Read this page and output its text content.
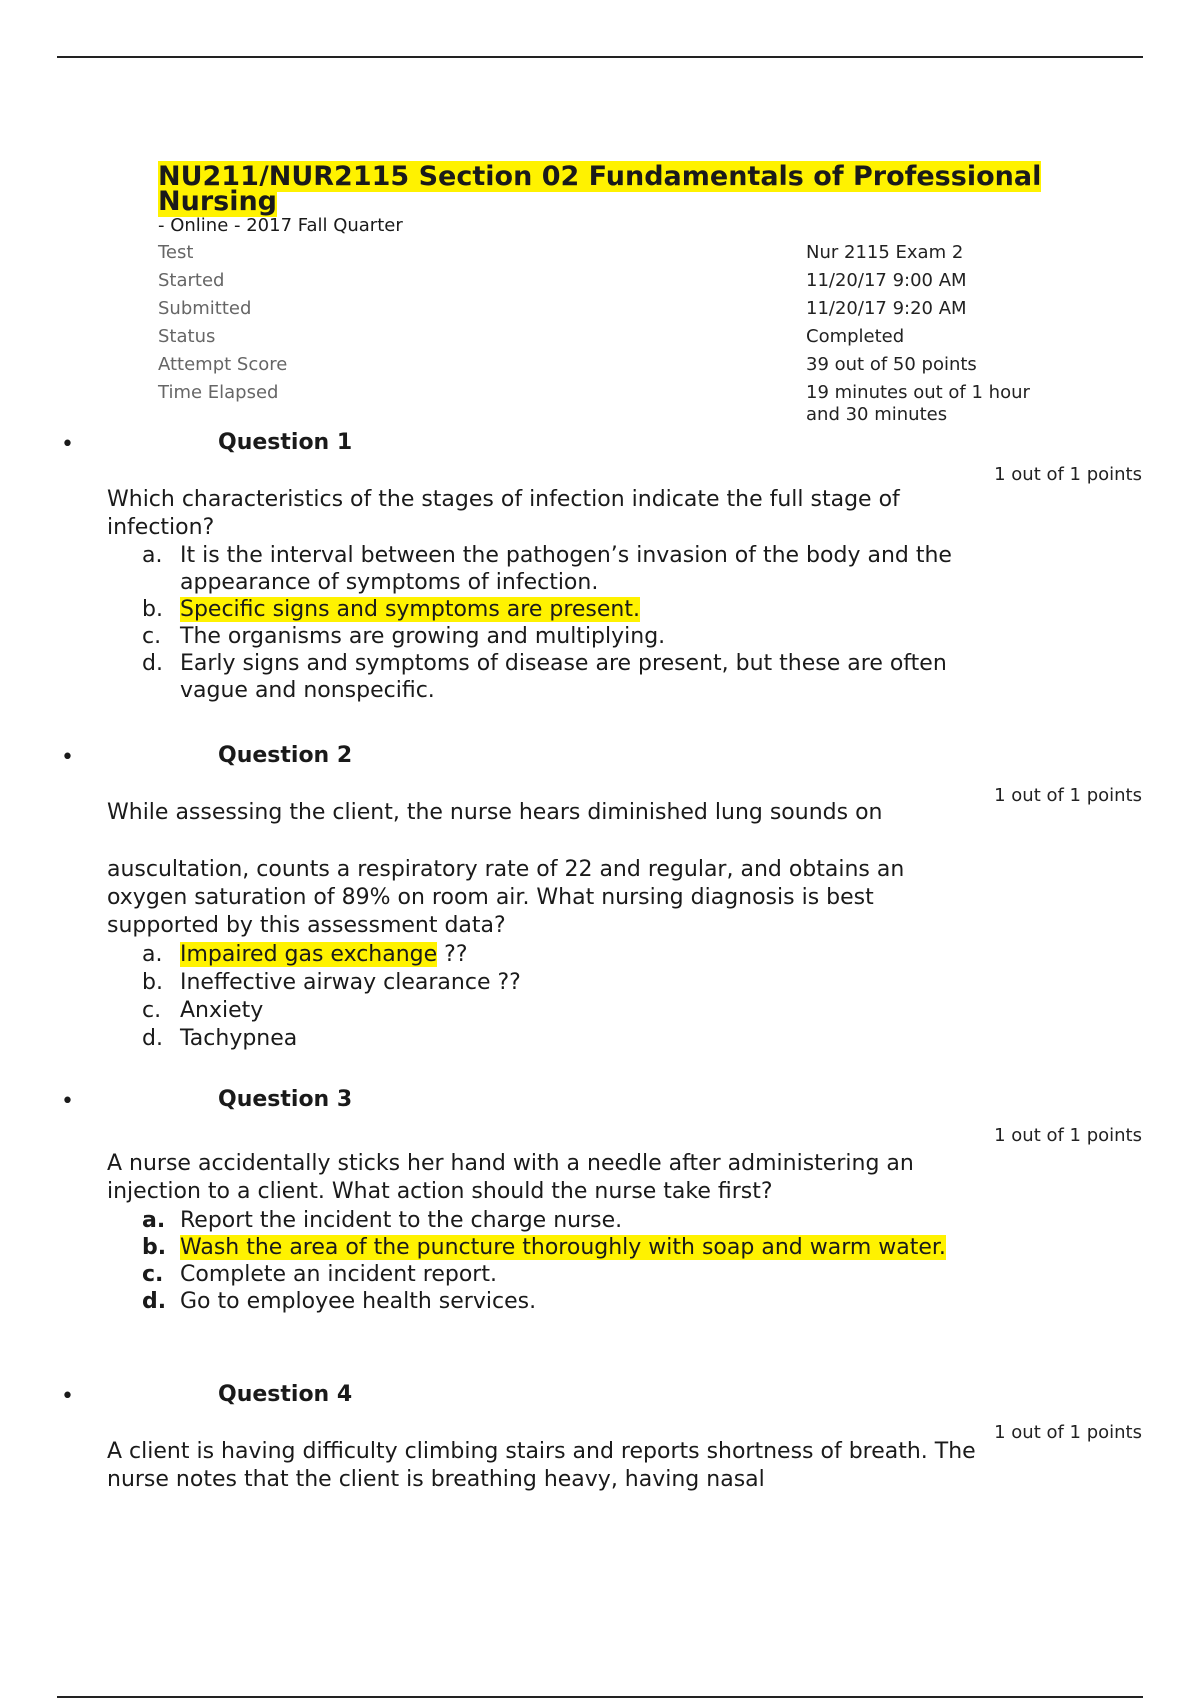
NU211/NUR2115 Section 02 Fundamentals of Professional Nursing

- Online - 2017 Fall Quarter

Test	Nur 2115 Exam 2
Started	11/20/17 9:00 AM
Submitted	11/20/17 9:20 AM
Status	Completed
Attempt Score	39 out of 50 points
Time Elapsed	19 minutes out of 1 hour and 30 minutes
•	Question 1
1 out of 1 points

Which characteristics of the stages of infection indicate the full stage of infection?

a. It is the interval between the pathogen’s invasion of the body and the appearance of symptoms of infection.
b. Specific signs and symptoms are present.
c. The organisms are growing and multiplying.
d. Early signs and symptoms of disease are present, but these are often vague and nonspecific.
•	Question 2
1 out of 1 points

While assessing the client, the nurse hears diminished lung sounds on

auscultation, counts a respiratory rate of 22 and regular, and obtains an oxygen saturation of 89% on room air. What nursing diagnosis is best supported by this assessment data?

a. Impaired gas exchange ??
b. Ineffective airway clearance ??
c. Anxiety
d. Tachypnea
•	Question 3
1 out of 1 points

A nurse accidentally sticks her hand with a needle after administering an injection to a client. What action should the nurse take first?

a. Report the incident to the charge nurse.
b. Wash the area of the puncture thoroughly with soap and warm water.
c. Complete an incident report.
d. Go to employee health services.
•	Question 4
1 out of 1 points

A client is having difficulty climbing stairs and reports shortness of breath. The nurse notes that the client is breathing heavy, having nasal
